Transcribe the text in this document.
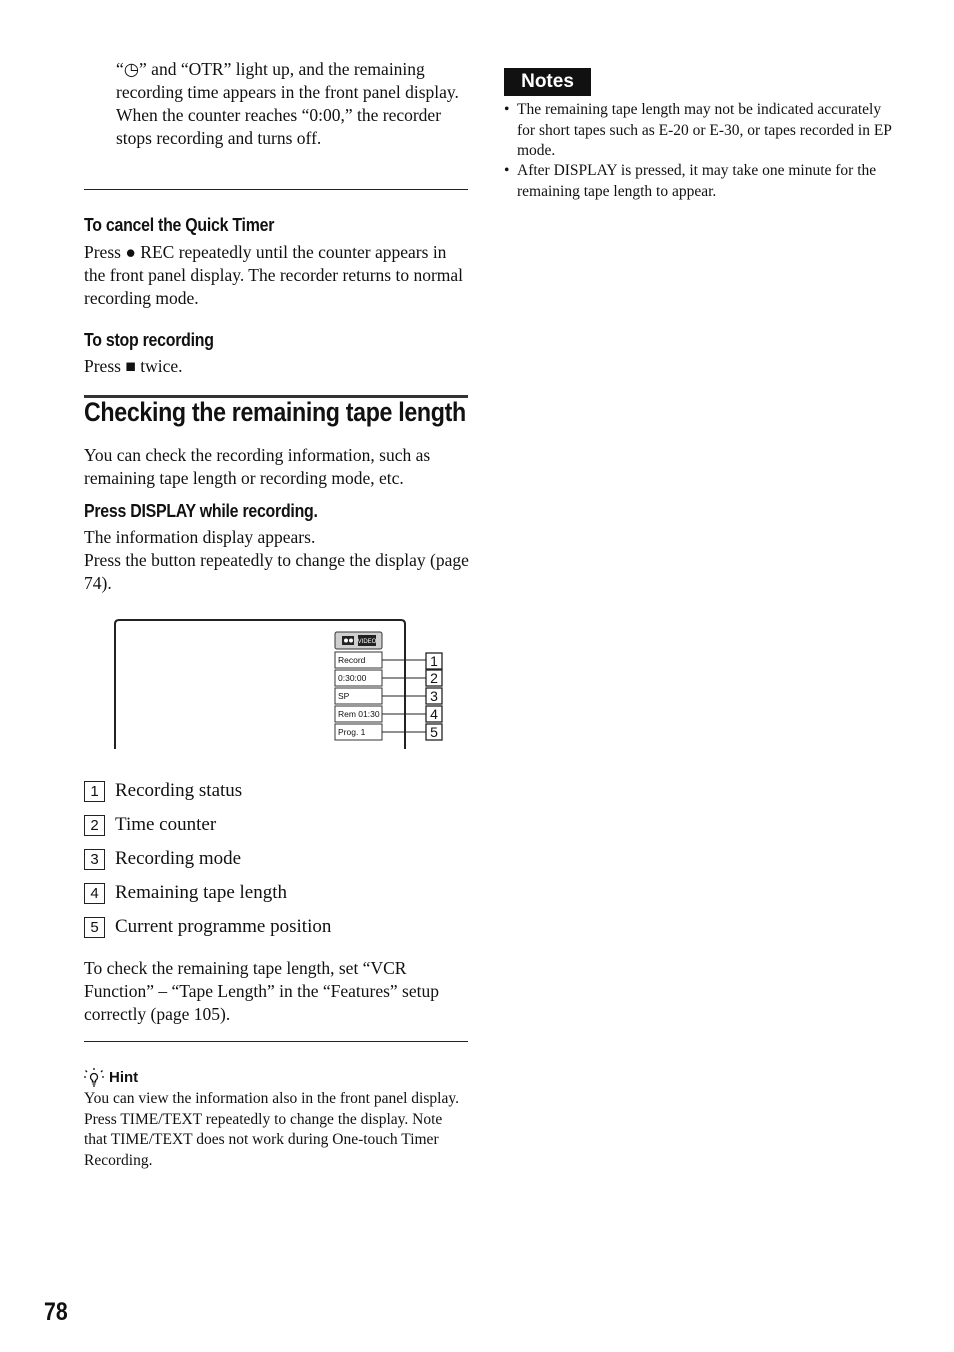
“◷” and “OTR” light up, and the remaining recording time appears in the front panel display.
When the counter reaches “0:00,” the recorder stops recording and turns off.
To cancel the Quick Timer
Press ● REC repeatedly until the counter appears in the front panel display. The recorder returns to normal recording mode.
To stop recording
Press ■ twice.
Checking the remaining tape length
You can check the recording information, such as remaining tape length or recording mode, etc.
Press DISPLAY while recording.
The information display appears.
Press the button repeatedly to change the display (page 74).
VIDEO
Record	1
0:30:00	2
SP	3
Rem 01:30	4
Prog. 1	5
1 Recording status
2 Time counter
3 Recording mode
4 Remaining tape length
5 Current programme position
To check the remaining tape length, set “VCR Function” – “Tape Length” in the “Features” setup correctly (page 105).
Hint
You can view the information also in the front panel display. Press TIME/TEXT repeatedly to change the display. Note that TIME/TEXT does not work during One-touch Timer Recording.
Notes
• The remaining tape length may not be indicated accurately for short tapes such as E-20 or E-30, or tapes recorded in EP mode.
• After DISPLAY is pressed, it may take one minute for the remaining tape length to appear.
78
